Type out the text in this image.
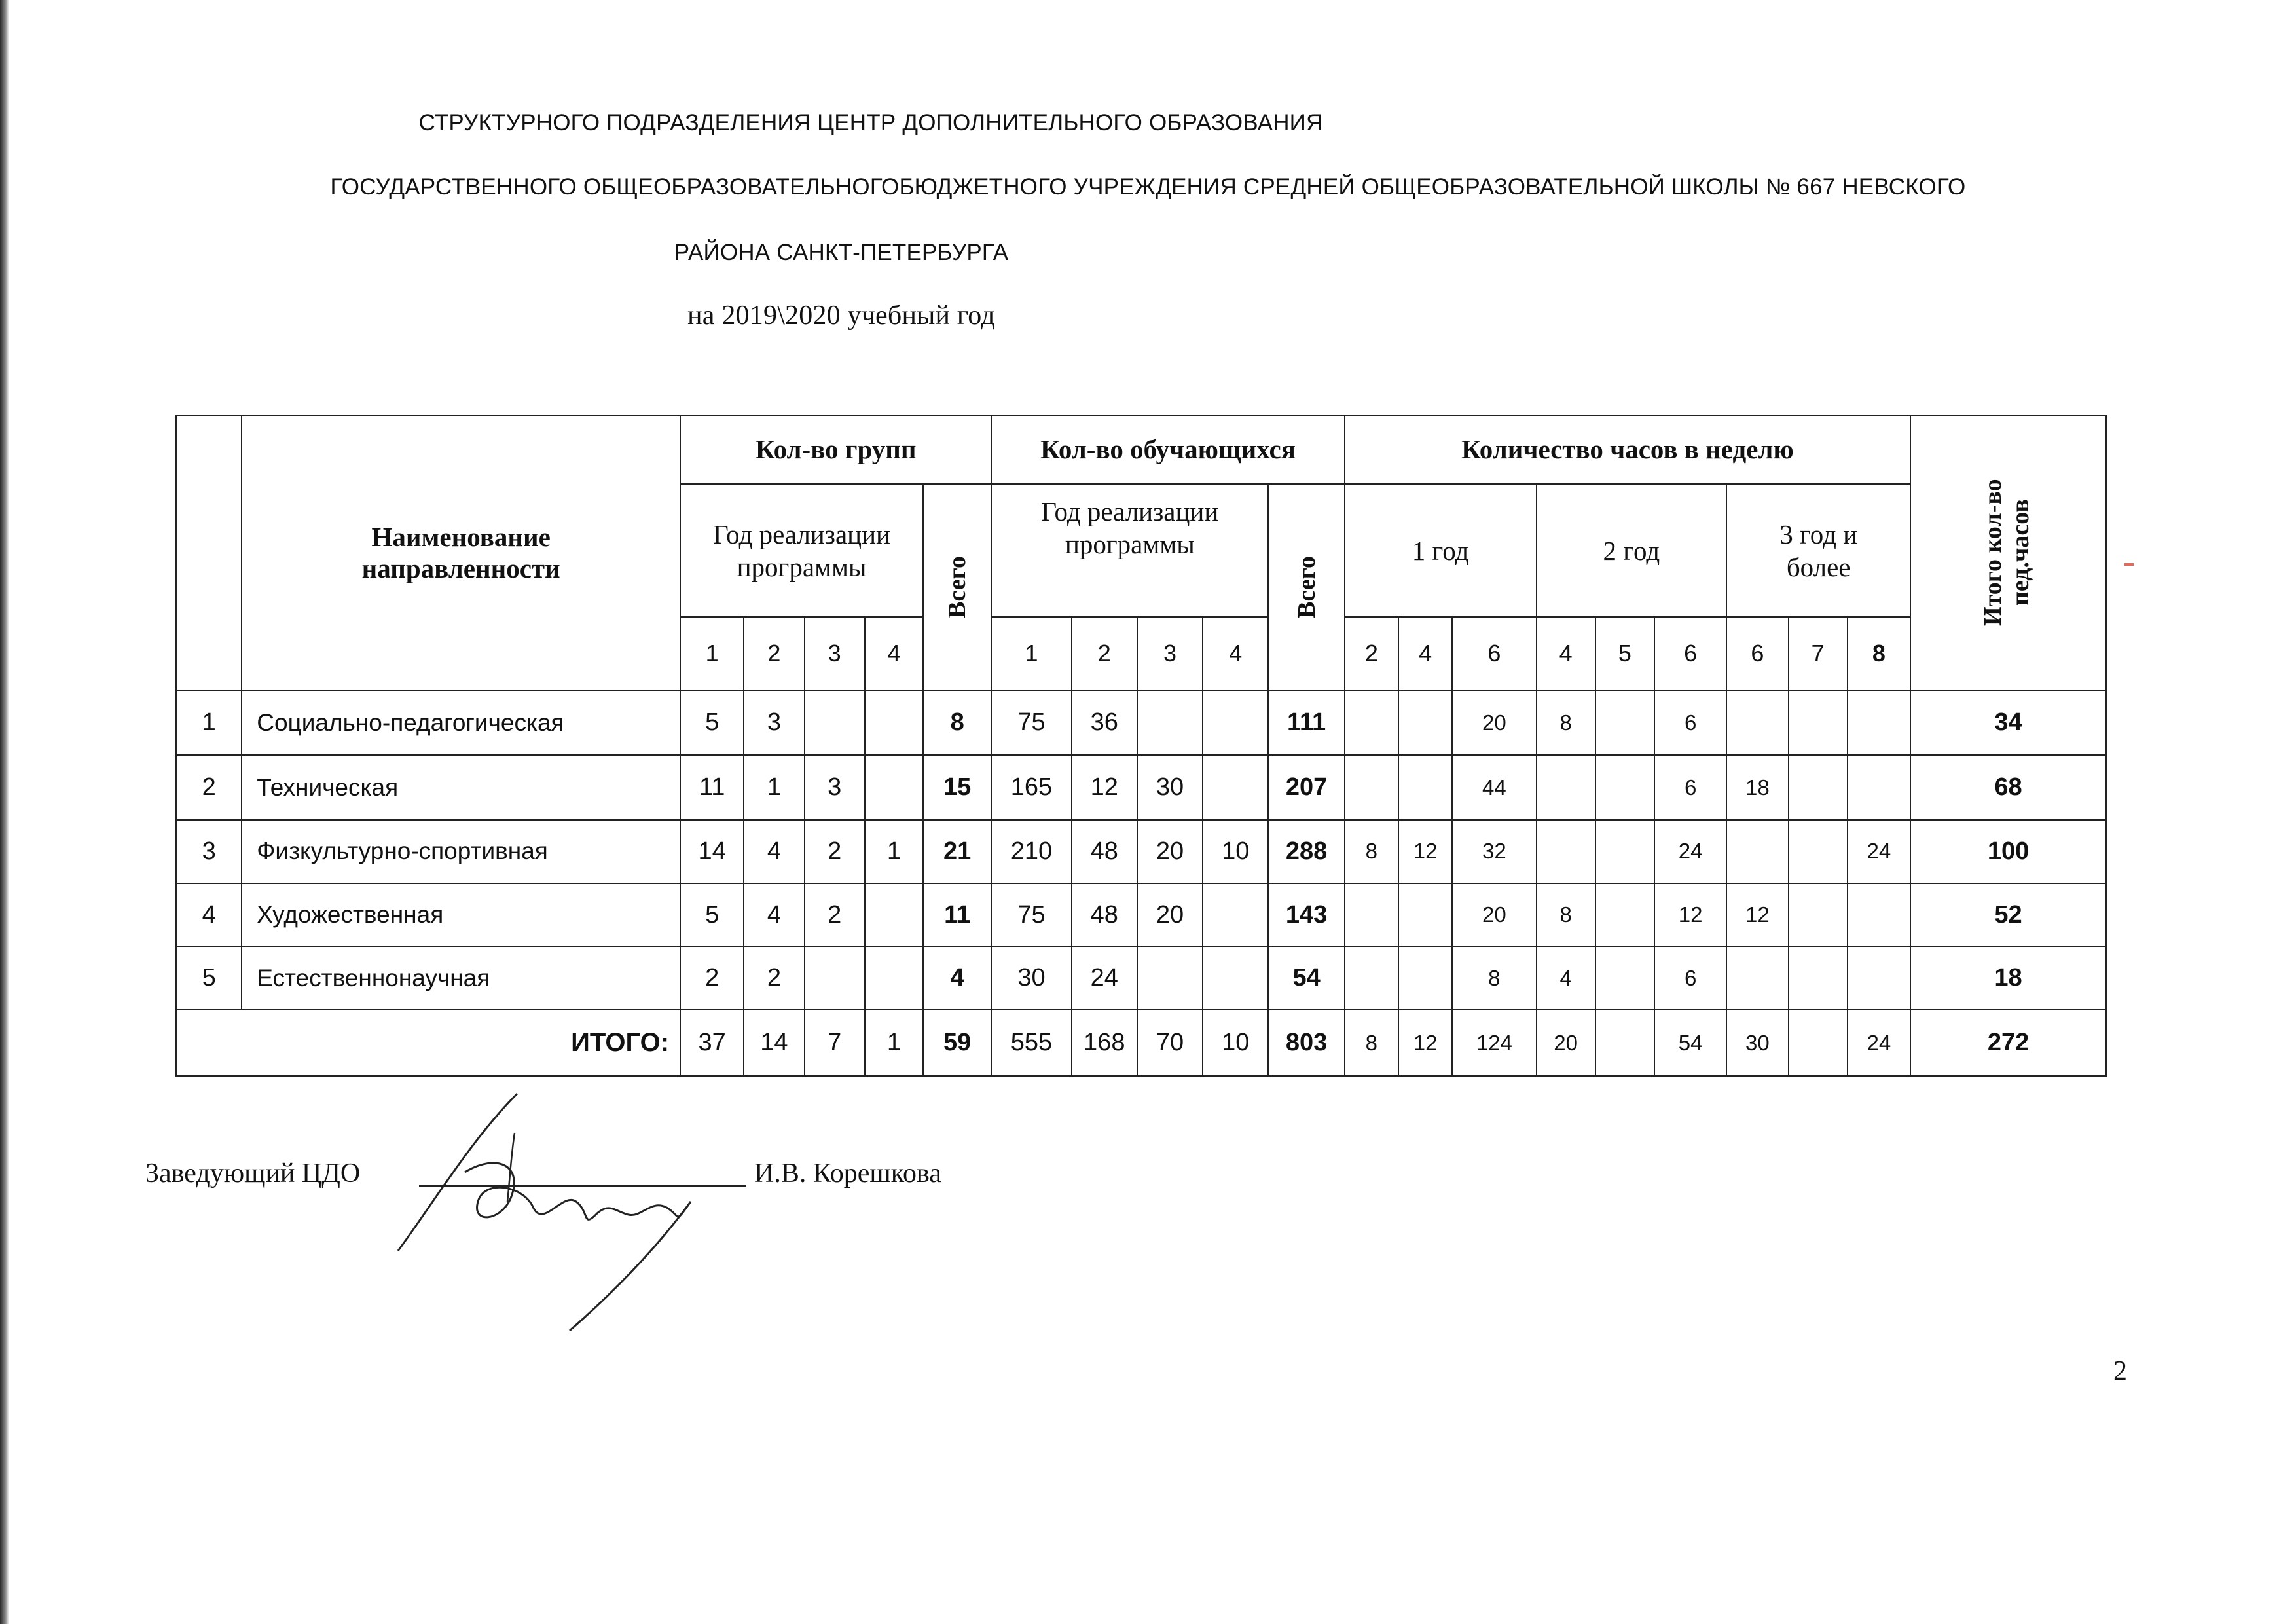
СТРУКТУРНОГО ПОДРАЗДЕЛЕНИЯ ЦЕНТР ДОПОЛНИТЕЛЬНОГО ОБРАЗОВАНИЯ
ГОСУДАРСТВЕННОГО ОБЩЕОБРАЗОВАТЕЛЬНОГОБЮДЖЕТНОГО УЧРЕЖДЕНИЯ СРЕДНЕЙ ОБЩЕОБРАЗОВАТЕЛЬНОЙ ШКОЛЫ № 667 НЕВСКОГО
РАЙОНА САНКТ-ПЕТЕРБУРГА
на 2019\2020 учебный год
	Наименование направленности	Кол-во групп					Кол-во обучающихся					Количество часов в неделю									Итого кол-во пед.часов

		Год реализации программы				Всего	Год реализации программы				Всего	1 год			2 год			3 год и более			
		1	2	3	4		1	2	3	4		2	4	6	4	5	6	6	7	8	
1	Социально-педагогическая	5	3			8	75	36			111			20	8		6				34
2	Техническая	11	1	3		15	165	12	30		207			44			6	18			68
3	Физкультурно-спортивная	14	4	2	1	21	210	48	20	10	288	8	12	32			24			24	100
4	Художественная	5	4	2		11	75	48	20		143			20	8		12	12			52
5	Естественнонаучная	2	2			4	30	24			54			8	4		6				18
ИТОГО:		37	14	7	1	59	555	168	70	10	803	8	12	124	20		54	30		24	272
Заведующий ЦДО	И.В. Корешкова
2
